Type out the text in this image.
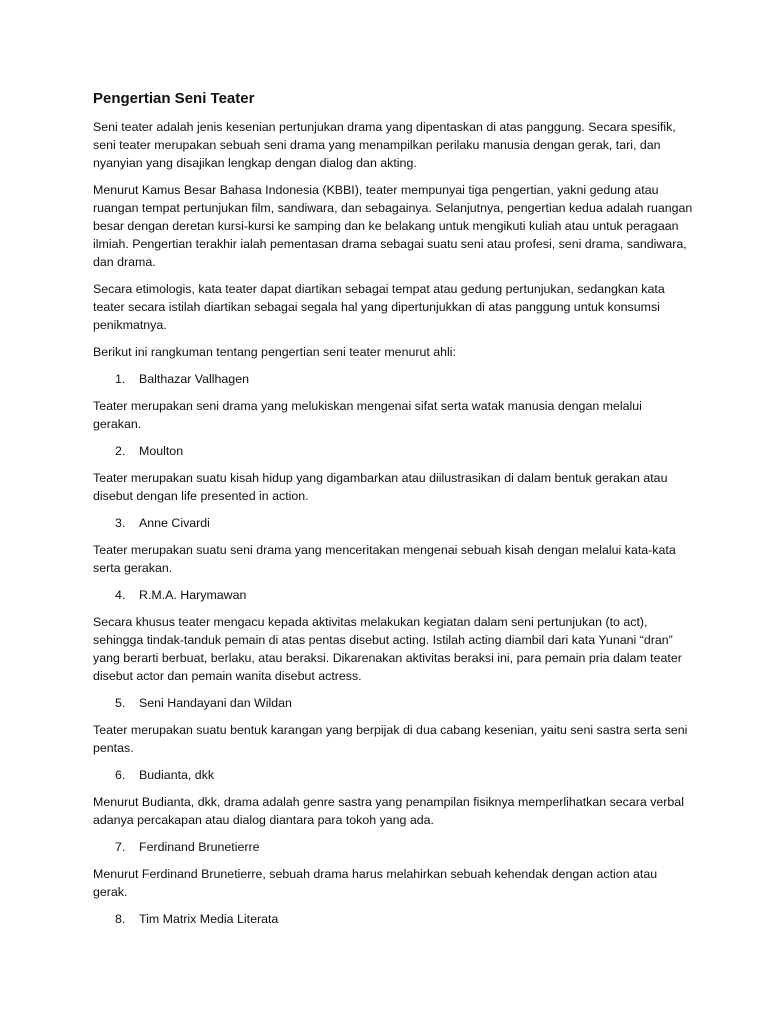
Pengertian Seni Teater

Seni teater adalah jenis kesenian pertunjukan drama yang dipentaskan di atas panggung. Secara spesifik, seni teater merupakan sebuah seni drama yang menampilkan perilaku manusia dengan gerak, tari, dan nyanyian yang disajikan lengkap dengan dialog dan akting.

Menurut Kamus Besar Bahasa Indonesia (KBBI), teater mempunyai tiga pengertian, yakni gedung atau ruangan tempat pertunjukan film, sandiwara, dan sebagainya. Selanjutnya, pengertian kedua adalah ruangan besar dengan deretan kursi-kursi ke samping dan ke belakang untuk mengikuti kuliah atau untuk peragaan ilmiah. Pengertian terakhir ialah pementasan drama sebagai suatu seni atau profesi, seni drama, sandiwara, dan drama.

Secara etimologis, kata teater dapat diartikan sebagai tempat atau gedung pertunjukan, sedangkan kata teater secara istilah diartikan sebagai segala hal yang dipertunjukkan di atas panggung untuk konsumsi penikmatnya.

Berikut ini rangkuman tentang pengertian seni teater menurut ahli:

1.	Balthazar Vallhagen

Teater merupakan seni drama yang melukiskan mengenai sifat serta watak manusia dengan melalui gerakan.

2.	Moulton

Teater merupakan suatu kisah hidup yang digambarkan atau diilustrasikan di dalam bentuk gerakan atau disebut dengan life presented in action.

3.	Anne Civardi

Teater merupakan suatu seni drama yang menceritakan mengenai sebuah kisah dengan melalui kata-kata serta gerakan.

4.	R.M.A. Harymawan

Secara khusus teater mengacu kepada aktivitas melakukan kegiatan dalam seni pertunjukan (to act), sehingga tindak-tanduk pemain di atas pentas disebut acting. Istilah acting diambil dari kata Yunani “dran” yang berarti berbuat, berlaku, atau beraksi. Dikarenakan aktivitas beraksi ini, para pemain pria dalam teater disebut actor dan pemain wanita disebut actress.

5.	Seni Handayani dan Wildan

Teater merupakan suatu bentuk karangan yang berpijak di dua cabang kesenian, yaitu seni sastra serta seni pentas.

6.	Budianta, dkk

Menurut Budianta, dkk, drama adalah genre sastra yang penampilan fisiknya memperlihatkan secara verbal adanya percakapan atau dialog diantara para tokoh yang ada.

7.	Ferdinand Brunetierre

Menurut Ferdinand Brunetierre, sebuah drama harus melahirkan sebuah kehendak dengan action atau gerak.

8.	Tim Matrix Media Literata
